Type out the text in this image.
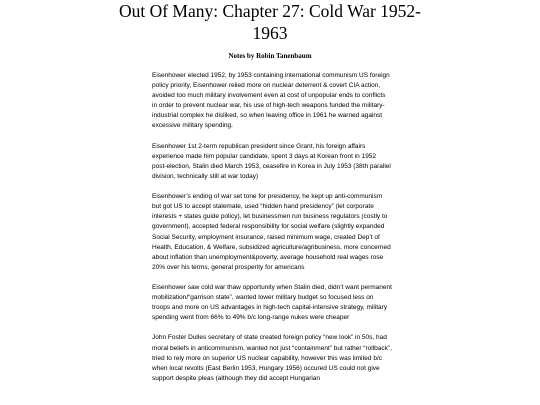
Out Of Many: Chapter 27: Cold War 1952-
1963
Notes by Robin Tanenbaum

Eisenhower elected 1952, by 1953 containing international communism US foreign policy priority, Eisenhower relied more on nuclear deterrent & covert CIA action, avoided too much military involvement even at cost of unpopular ends to conflicts in order to prevent nuclear war, his use of high-tech weapons funded the military-industrial complex he disliked, so when leaving office in 1961 he warned against excessive military spending.

Eisenhower 1st 2-term republican president since Grant, his foreign affairs experience made him popular candidate, spent 3 days at Korean front in 1952 post-election, Stalin died March 1953, ceasefire in Korea in July 1953 (38th parallel division, technically still at war today)

Eisenhower’s ending of war set tone for presidency, he kept up anti-communism but got US to accept stalemate, used “hidden hand presidency” (let corporate interests + states guide policy), let businessmen run business regulators (costly to government), accepted federal responsibility for social welfare (slightly expanded Social Security, employment insurance, raised minimum wage, created Dep’t of Health, Education, & Welfare, subsidized agriculture/agribusiness, more concerned about inflation than unemployment&poverty, average household real wages rose 20% over his terms, general prosperity for americans

Eisenhower saw cold war thaw opportunity when Stalin died, didn’t want permanent mobilization/“garrison state”, wanted lower military budget so focused less on troops and more on US advantages in high-tech capital-intensive strategy, military spending went from 66% to 49% b/c long-range nukes were cheaper

John Foster Dulles secretary of state created foreign policy “new look” in 50s, had moral beliefs in anticommunism, wanted not just “containment” but rather “rollback”, tried to rely more on superior US nuclear capability, however this was limited b/c when local revolts (East Berlin 1953, Hungary 1956) occured US could not give support despite pleas (although they did accept Hungarian
